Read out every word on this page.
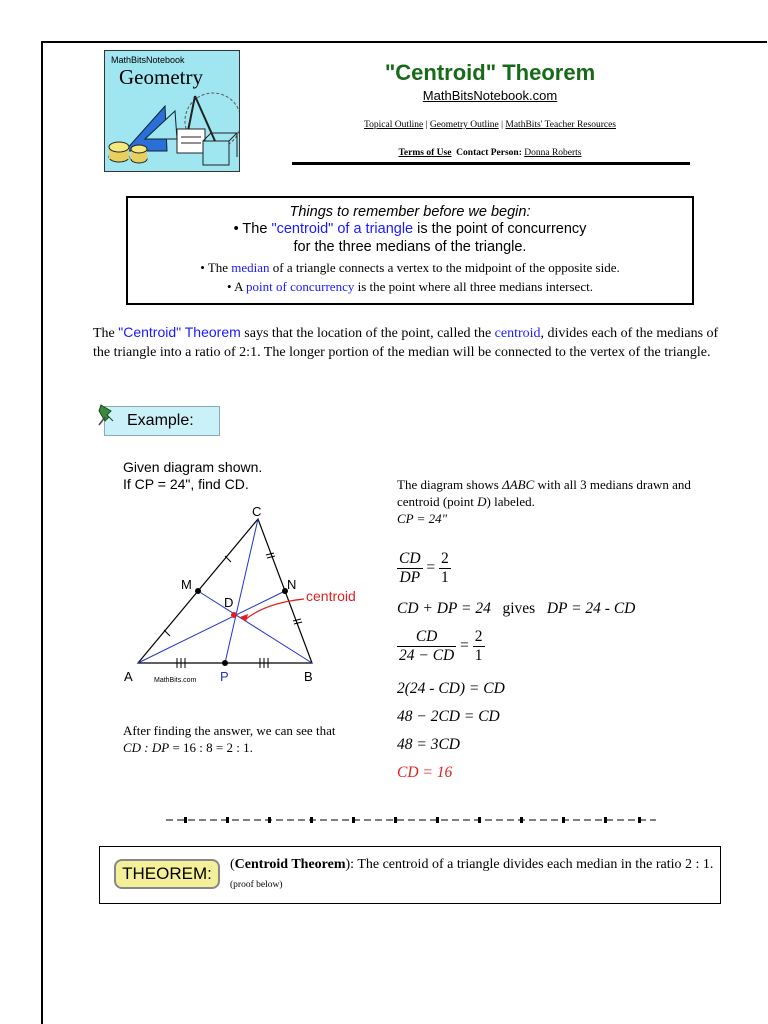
MathBitsNotebook
Geometry	"Centroid" Theorem
MathBitsNotebook.com
Topical Outline | Geometry Outline | MathBits' Teacher Resources
Terms of Use Contact Person: Donna Roberts
Things to remember before we begin:
• The "centroid" of a triangle is the point of concurrency
for the three medians of the triangle.
• The median of a triangle connects a vertex to the midpoint of the opposite side.
• A point of concurrency is the point where all three medians intersect.
The "Centroid" Theorem says that the location of the point, called the centroid, divides each of the medians of the triangle into a ratio of 2:1. The longer portion of the median will be connected to the vertex of the triangle.
Example:
Given diagram shown.
If CP = 24", find CD.
C
M	N
D	centroid
A	P	B
MathBits.com
After finding the answer, we can see that CD : DP = 16 : 8 = 2 : 1.
The diagram shows ΔABC with all 3 medians drawn and centroid (point D) labeled.
CP = 24"
$\frac{CD}{DP} = \frac{2}{1}$
CD + DP = 24 gives DP = 24 - CD
$\frac{CD}{24 - CD} = \frac{2}{1}$
2(24 - CD) = CD
48 − 2CD = CD
48 = 3CD
CD = 16
THEOREM:	(Centroid Theorem): The centroid of a triangle divides each median in the ratio 2 : 1. (proof below)
